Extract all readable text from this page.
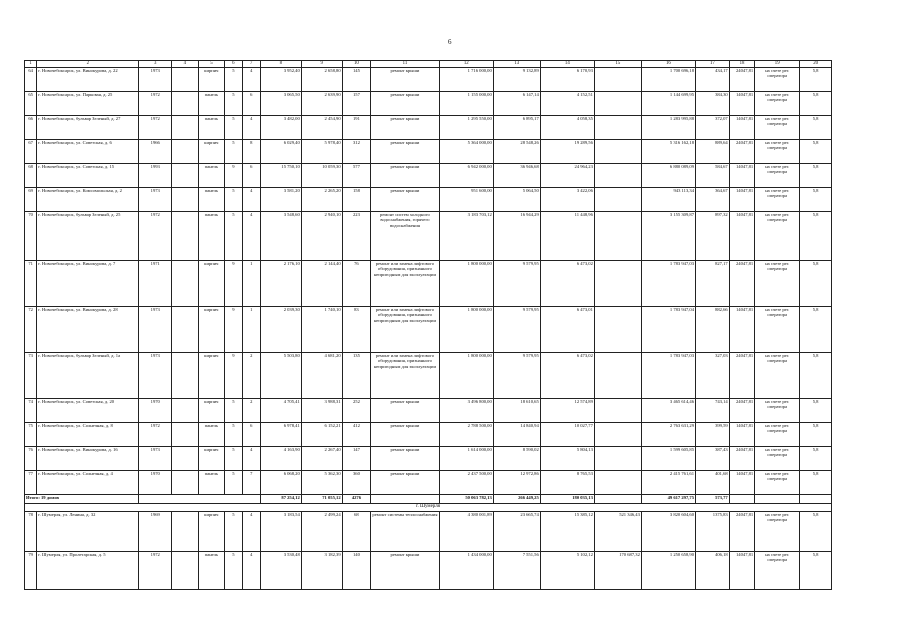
6
1	2	3	4	5	6	7	8	9	10	11	12	13	14	15	16	17	18	19	20
64	г. Новочебоксарск, ул. Винокурова, д. 22	1973		кирпич	5	4	3 952,40	2 658,80	145	ремонт крыши	1 716 000,00	9 132,89	6 170,93		1 700 696,18	434,17	24047,81	на счете рег. оператора	5,8
65	г. Новочебоксарск, ул. Парковая, д. 25	1972		панель	5	6	3 065,50	2 639,90	157	ремонт крыши	1 155 000,00	6 147,14	4 152,51		1 144 699,95	384,30	14047,81	на счете рег. оператора	5,8
66	г. Новочебоксарск, бульвар Зеленый, д. 27	1972		панель	5	4	3 482,00	2 454,90	191	ремонт крыши	1 295 550,00	6 895,17	4 058,35		1 283 995,88	372,07	14047,81	на счете рег. оператора	5,8
67	г. Новочебоксарск, ул. Советская, д. 6	1966		кирпич	5	8	6 029,40	5 978,40	312	ремонт крыши	5 364 000,00	28 548,26	19 289,56		5 316 162,18	889,64	24047,81	на счете рег. оператора	5,8
68	г. Новочебоксарск, ул. Советская, д. 15	1993		панель	9	6	15 750,10	10 059,30	577	ремонт крыши	6 942 000,00	36 946,68	24 964,23		6 880 089,09	584,67	14047,81	на счете рег. оператора	5,8
69	г. Новочебоксарск, ул. Комсомольская, д. 2	1973		панель	5	4	3 581,20	2 265,20	158	ремонт крыши	951 600,00	5 064,50	3 422,06		943 113,34	364,67	14047,81	на счете рег. оператора	5,8
70	г. Новочебоксарск, бульвар Зеленый, д. 25	1972		панель	5	4	3 548,60	2 940,10	223	ремонт систем холодного водоснабжения, горячего водоснабжения	3 183 703,12	16 944,29	11 448,96		3 155 309,87	897,32	14047,81	на счете рег. оператора	5,8
71	г. Новочебоксарск, ул. Винокурова, д. 7	1971		кирпич	9	1	2 176,10	2 144,40	76	ремонт или замена лифтового оборудования, признанного непригодным для эксплуатации	1 800 000,00	9 579,95	6 473,02		1 783 947,03	827,17	24047,81	на счете рег. оператора	5,8
72	г. Новочебоксарск, ул. Винокурова, д. 28	1973		кирпич	9	1	2 039,30	1 740,10	83	ремонт или замена лифтового оборудования, признанного непригодным для эксплуатации	1 800 000,00	9 579,95	6 473,01		1 783 947,04	882,66	14047,81	на счете рег. оператора	5,8
73	г. Новочебоксарск, бульвар Зеленый, д. 1а	1973		кирпич	9	2	5 503,80	4 681,20	135	ремонт или замена лифтового оборудования, признанного непригодным для эксплуатации	1 800 000,00	9 579,95	6 473,02		1 783 947,03	327,03	24047,81	на счете рег. оператора	5,8
74	г. Новочебоксарск, ул. Советская, д. 20	1970		кирпич	5	2	4 705,41	3 988,31	252	ремонт крыши	3 496 800,00	18 610,65	12 574,89		3 465 614,46	743,14	24047,81	на счете рег. оператора	5,8
75	г. Новочебоксарск, ул. Солнечная, д. 8	1972		панель	5	6	6 978,41	6 152,21	412	ремонт крыши	2 788 500,00	14 840,94	10 027,77		2 763 631,29	399,59	14047,81	на счете рег. оператора	5,8
76	г. Новочебоксарск, ул. Винокурова, д. 16	1973		кирпич	5	4	4 163,90	2 267,40	147	ремонт крыши	1 614 000,00	8 590,02	5 804,13		1 599 605,85	387,43	24047,81	на счете рег. оператора	5,8
77	г. Новочебоксарск, ул. Солнечная, д. 4	1970		панель	5	7	6 068,20	5 362,30	360	ремонт крыши	2 437 500,00	12 972,86	8 765,53		2 415 761,61	401,68	14047,81	на счете рег. оператора	5,8
Итого: 19 домов							87 254,12	71 055,12	4276		50 063 782,13	266 449,25	180 035,13		49 617 297,75	573,77			
г. Шумерля																			
78	г. Шумерля, ул. Ленина, д. 32	1969		кирпич	5	4	3 183,54	2 499,24	68	ремонт системы теплоснабжения	4 380 001,89	23 665,74	15 385,12	521 346,43	3 820 604,60	1375,83	24047,81	на счете рег. оператора	5,8
79	г. Шумерля, ул. Пролетарская, д. 5	1972		панель	5	4	3 530,48	3 182,39	140	ремонт крыши	1 434 000,00	7 551,56	5 102,12	170 687,32	1 250 658,90	406,18	14047,81	на счете рег. оператора	5,8
